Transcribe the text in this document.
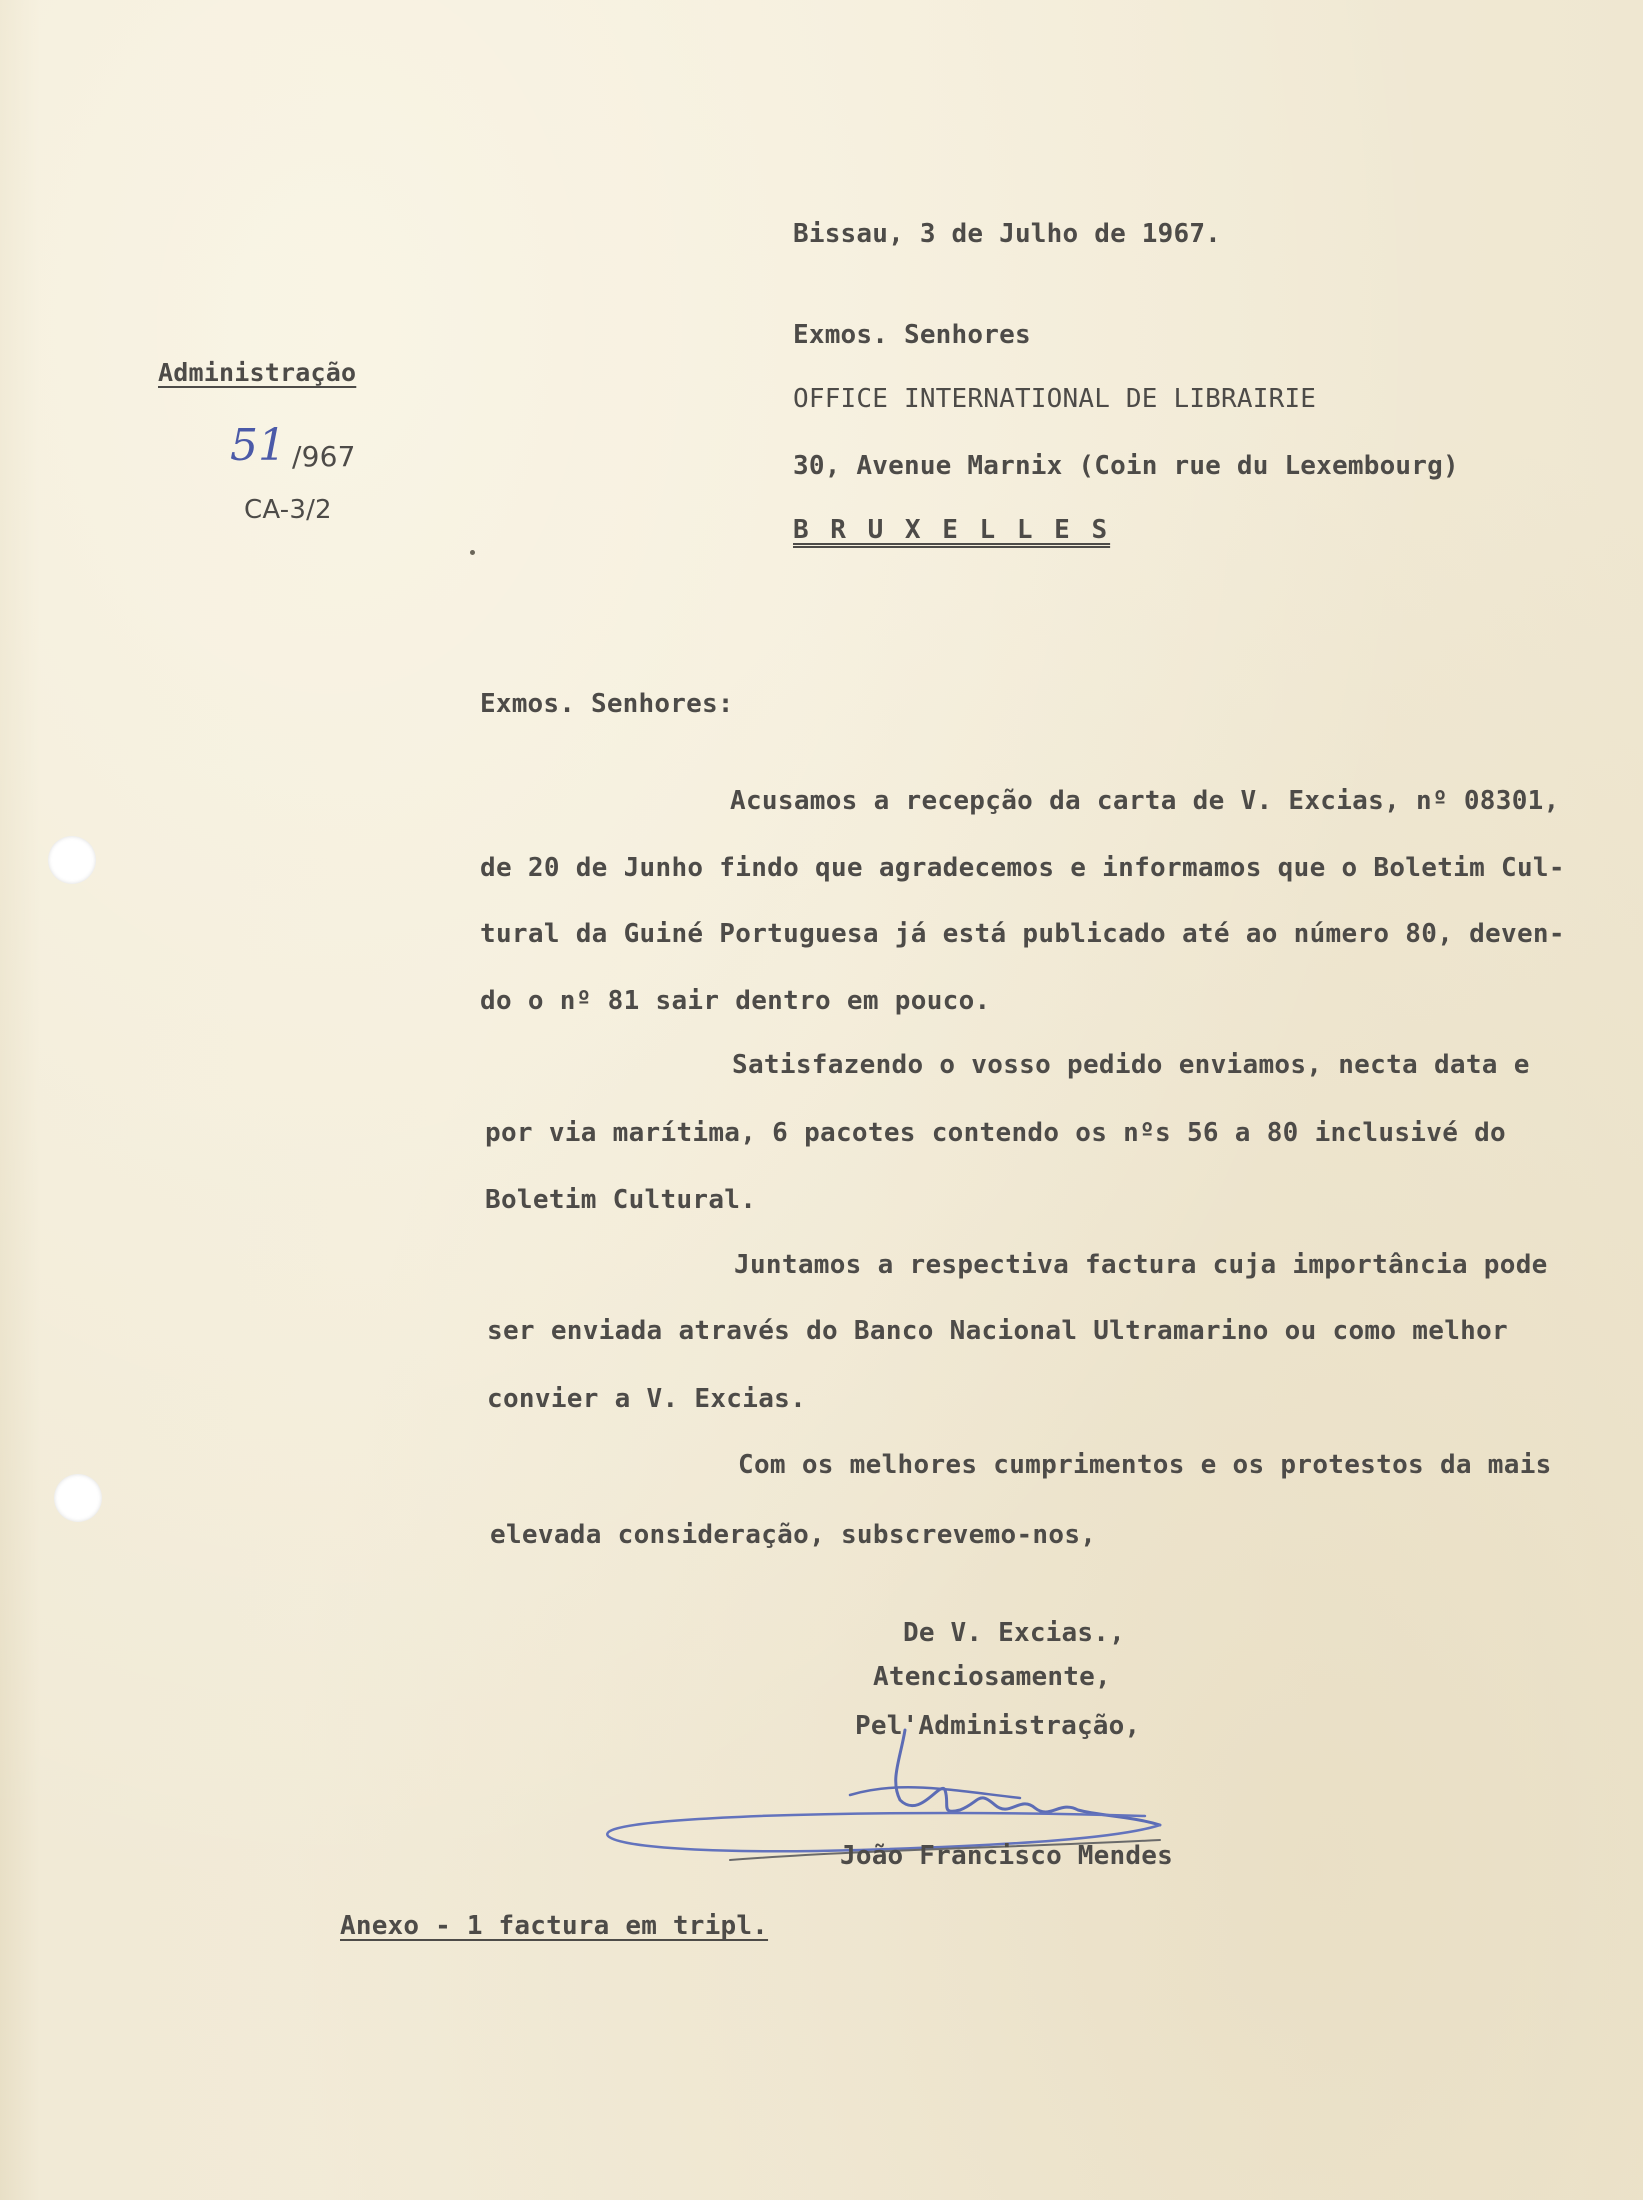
Bissau, 3 de Julho de 1967.
Administração
51 /967
CA-3/2
Exmos. Senhores
OFFICE INTERNATIONAL DE LIBRAIRIE
30, Avenue Marnix (Coin rue du Lexembourg)
B R U X E L L E S
Exmos. Senhores:
Acusamos a recepção da carta de V. Excias, nº 08301,
de 20 de Junho findo que agradecemos e informamos que o Boletim Cul-
tural da Guiné Portuguesa já está publicado até ao número 80, deven-
do o nº 81 sair dentro em pouco.
Satisfazendo o vosso pedido enviamos, necta data e
por via marítima, 6 pacotes contendo os nºs 56 a 80 inclusivé do
Boletim Cultural.
Juntamos a respectiva factura cuja importância pode
ser enviada através do Banco Nacional Ultramarino ou como melhor
convier a V. Excias.
Com os melhores cumprimentos e os protestos da mais
elevada consideração, subscrevemo-nos,
De V. Excias.,
Atenciosamente,
Pel'Administração,
João Francisco Mendes
Anexo - 1 factura em tripl.
